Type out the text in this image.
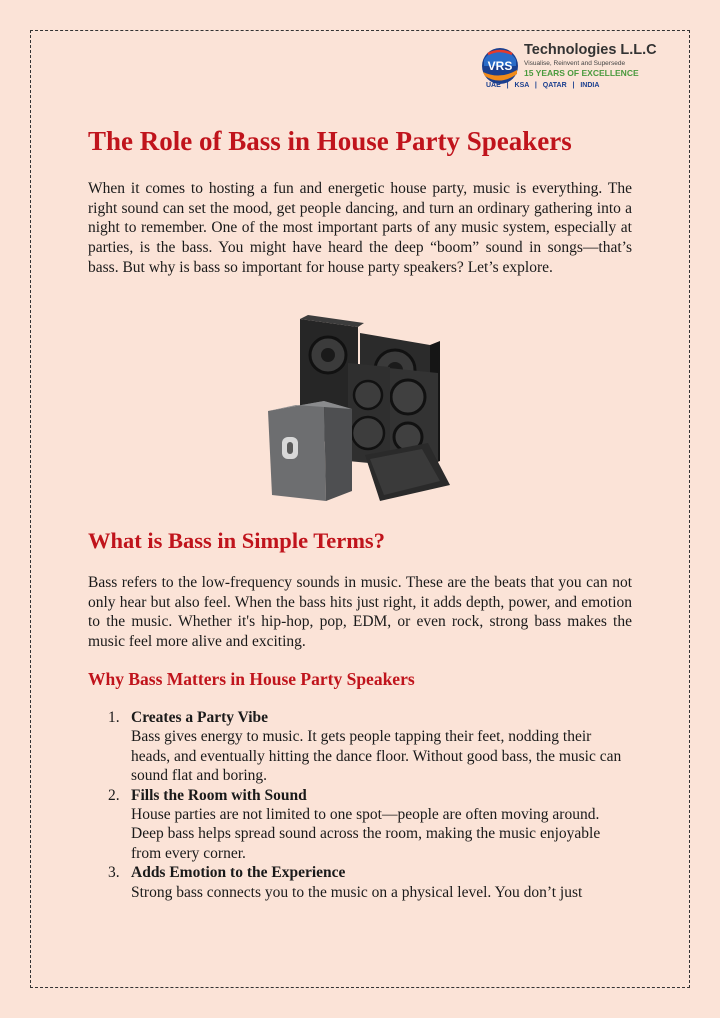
VRS
Technologies L.L.C
Visualise, Reinvent and Supersede
15 YEARS OF EXCELLENCE
UAE  |  KSA  |  QATAR  |  INDIA
The Role of Bass in House Party Speakers

When it comes to hosting a fun and energetic house party, music is everything. The right sound can set the mood, get people dancing, and turn an ordinary gathering into a night to remember. One of the most important parts of any music system, especially at parties, is the bass. You might have heard the deep “boom” sound in songs—that’s bass. But why is bass so important for house party speakers? Let’s explore.

What is Bass in Simple Terms?

Bass refers to the low-frequency sounds in music. These are the beats that you can not only hear but also feel. When the bass hits just right, it adds depth, power, and emotion to the music. Whether it's hip-hop, pop, EDM, or even rock, strong bass makes the music feel more alive and exciting.

Why Bass Matters in House Party Speakers
1. Creates a Party Vibe
Bass gives energy to music. It gets people tapping their feet, nodding their heads, and eventually hitting the dance floor. Without good bass, the music can sound flat and boring.
2. Fills the Room with Sound
House parties are not limited to one spot—people are often moving around. Deep bass helps spread sound across the room, making the music enjoyable from every corner.
3. Adds Emotion to the Experience
Strong bass connects you to the music on a physical level. You don’t just
